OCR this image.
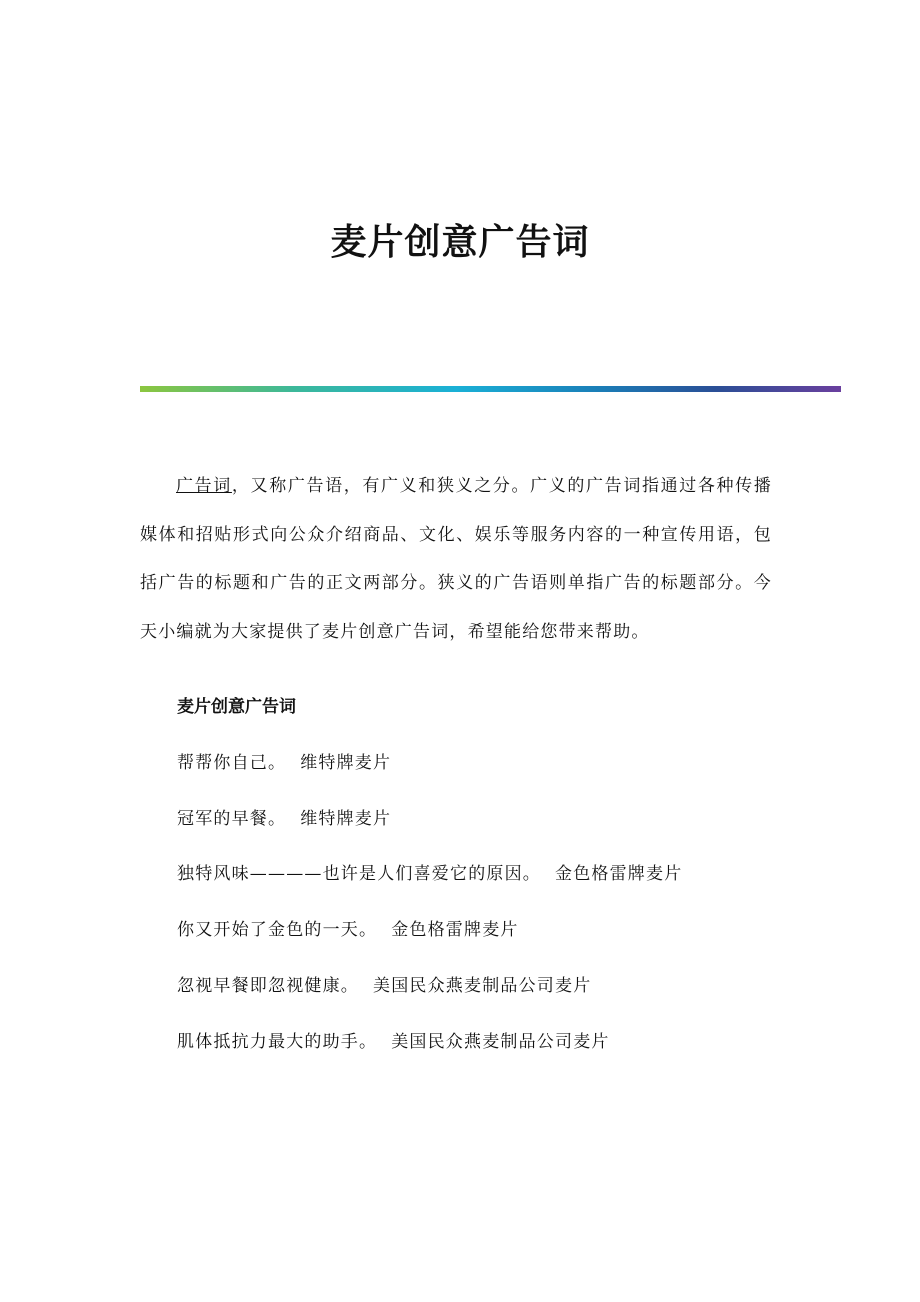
麦片创意广告词

广告词，又称广告语，有广义和狭义之分。广义的广告词指通过各种传播媒体和招贴形式向公众介绍商品、文化、娱乐等服务内容的一种宣传用语，包括广告的标题和广告的正文两部分。狭义的广告语则单指广告的标题部分。今天小编就为大家提供了麦片创意广告词，希望能给您带来帮助。

麦片创意广告词

帮帮你自己。 维特牌麦片

冠军的早餐。 维特牌麦片

独特风味————也许是人们喜爱它的原因。 金色格雷牌麦片

你又开始了金色的一天。 金色格雷牌麦片

忽视早餐即忽视健康。 美国民众燕麦制品公司麦片

肌体抵抗力最大的助手。 美国民众燕麦制品公司麦片
